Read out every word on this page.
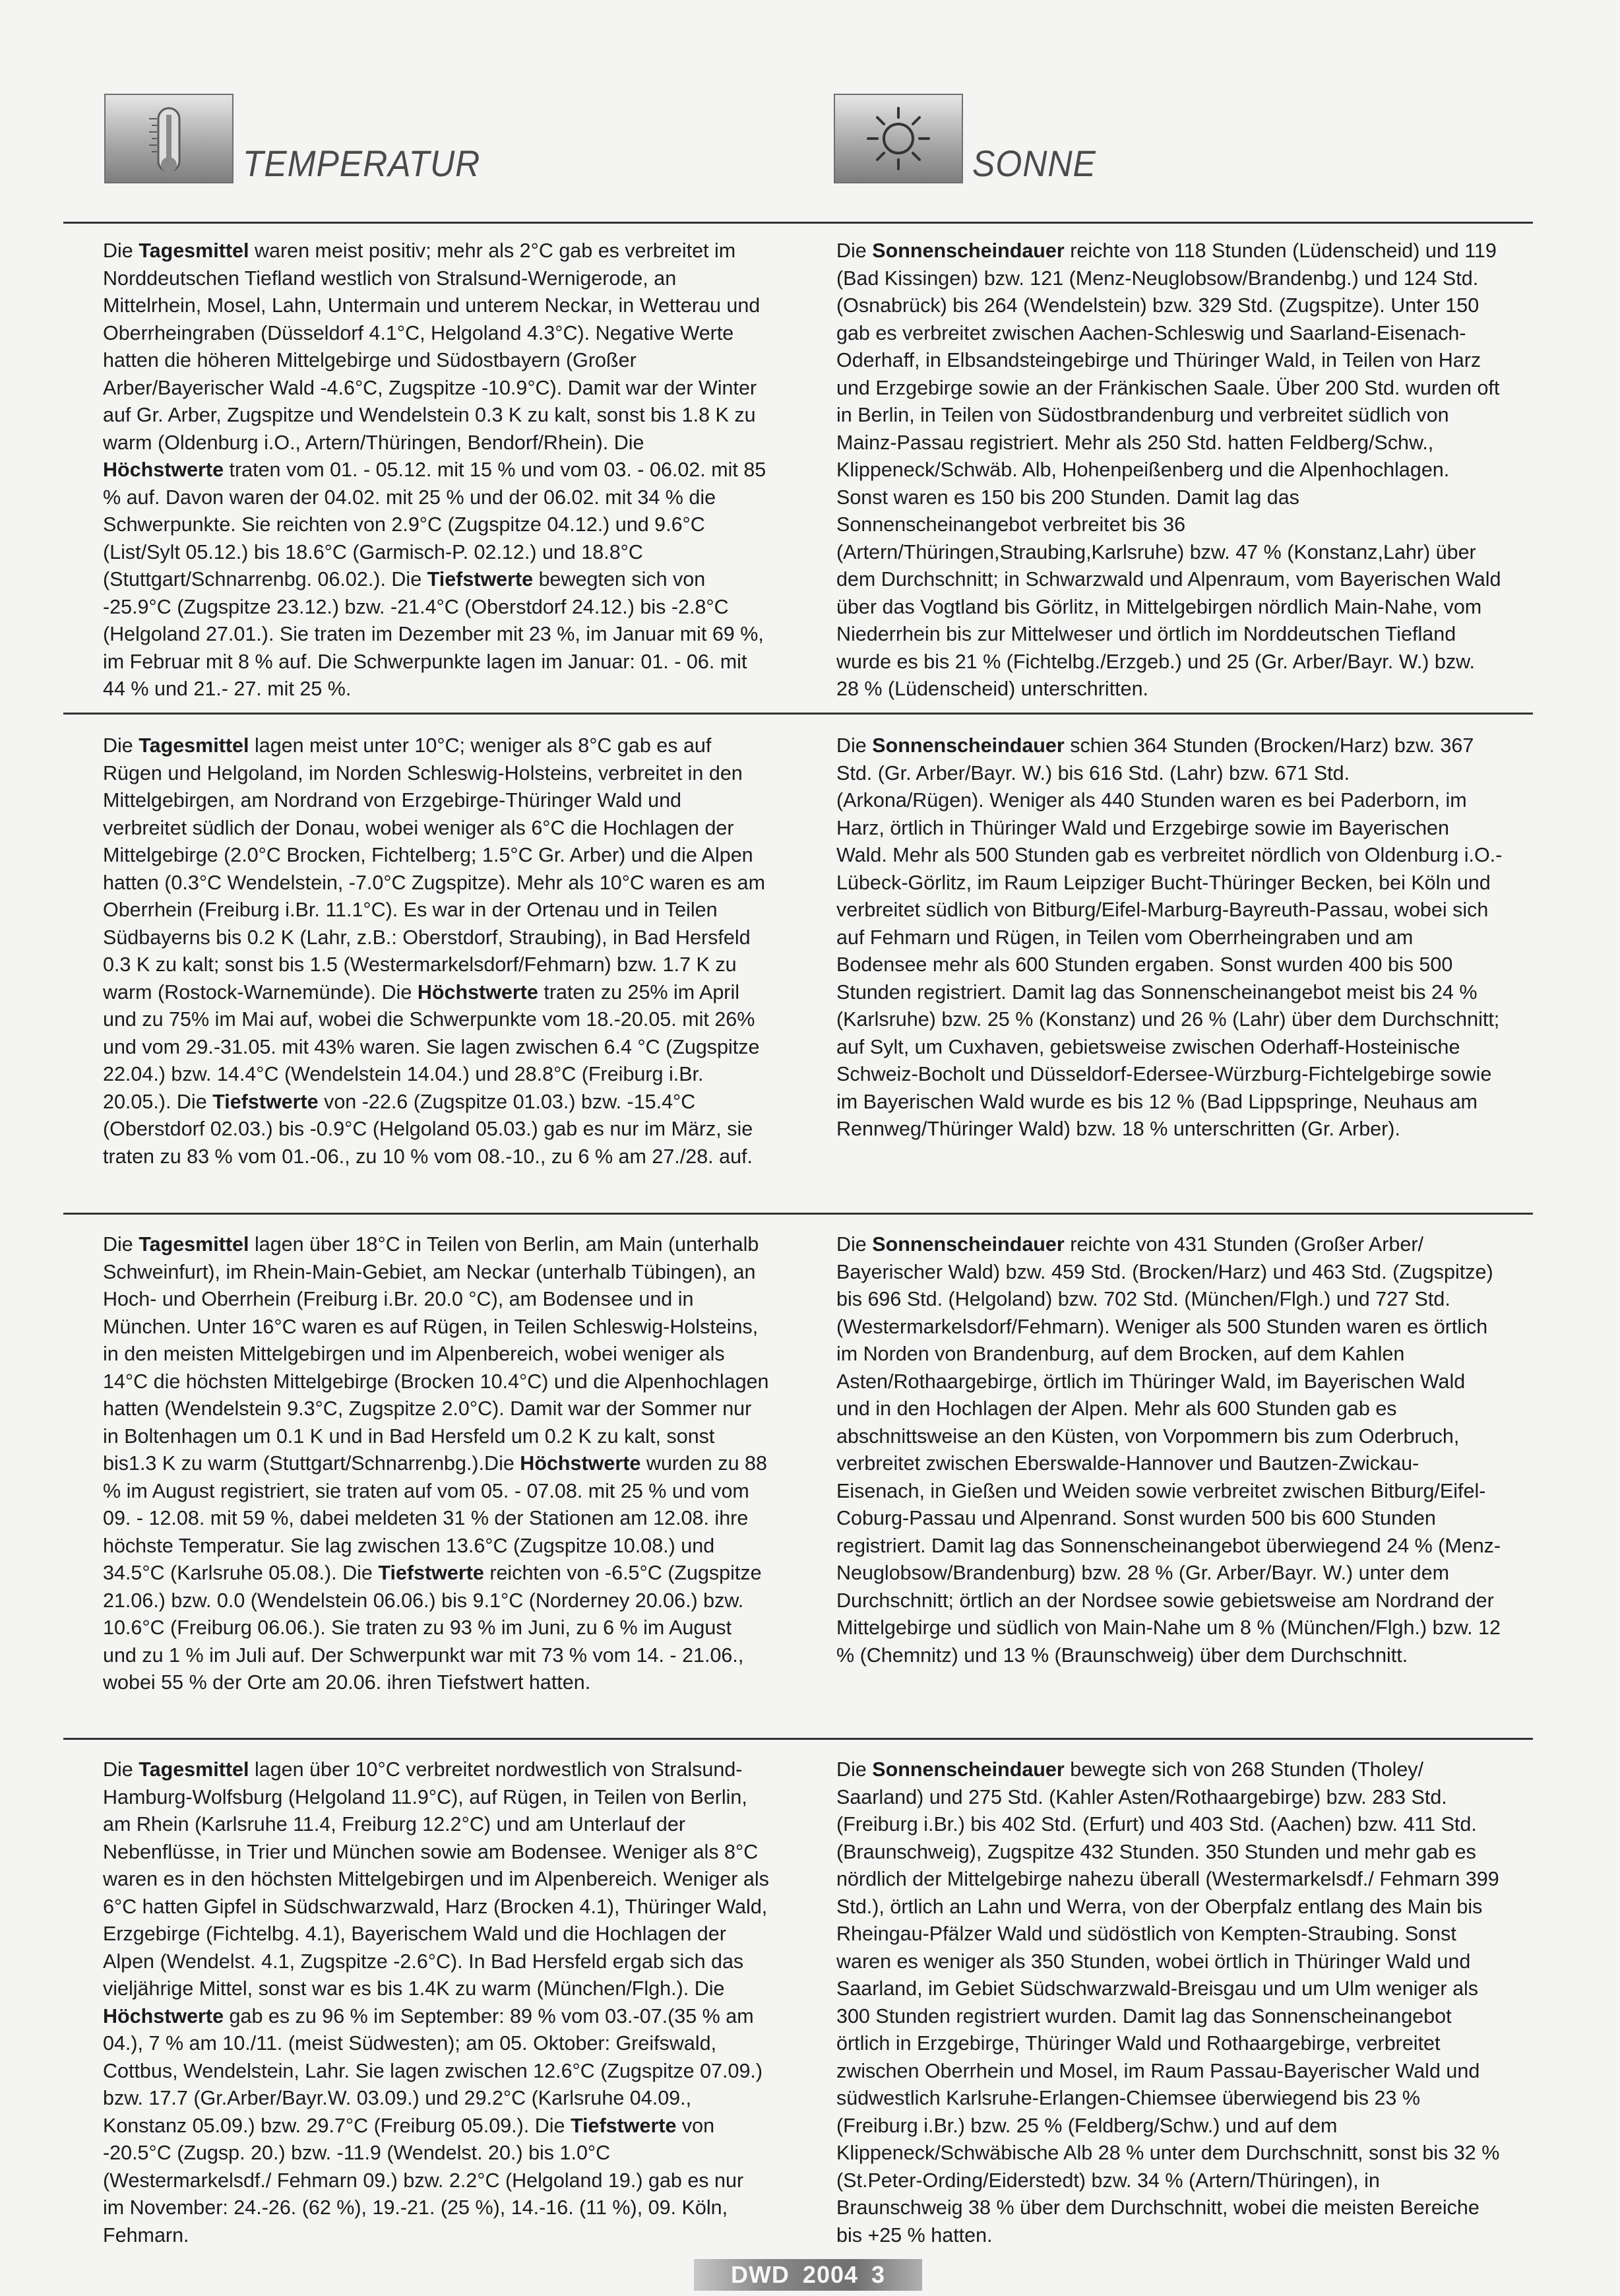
TEMPERATUR	SONNE
Die Tagesmittel waren meist positiv; mehr als 2°C gab es verbreitet im Norddeutschen Tiefland westlich von Stralsund-Wernigerode, an Mittelrhein, Mosel, Lahn, Untermain und unterem Neckar, in Wetterau und Oberrheingraben (Düsseldorf 4.1°C, Helgoland 4.3°C). Negative Werte hatten die höheren Mittelgebirge und Südostbayern (Großer Arber/Bayerischer Wald -4.6°C, Zugspitze -10.9°C). Damit war der Winter auf Gr. Arber, Zugspitze und Wendelstein 0.3 K zu kalt, sonst bis 1.8 K zu warm (Oldenburg i.O., Artern/Thüringen, Bendorf/Rhein). Die Höchstwerte traten vom 01. - 05.12. mit 15 % und vom 03. - 06.02. mit 85 % auf. Davon waren der 04.02. mit 25 % und der 06.02. mit 34 % die Schwerpunkte. Sie reichten von 2.9°C (Zugspitze 04.12.) und 9.6°C (List/Sylt 05.12.) bis 18.6°C (Garmisch-P. 02.12.) und 18.8°C (Stuttgart/Schnarrenbg. 06.02.). Die Tiefstwerte bewegten sich von -25.9°C (Zugspitze 23.12.) bzw. -21.4°C (Oberstdorf 24.12.) bis -2.8°C (Helgoland 27.01.). Sie traten im Dezember mit 23 %, im Januar mit 69 %, im Februar mit 8 % auf. Die Schwerpunkte lagen im Januar: 01. - 06. mit 44 % und 21.- 27. mit 25 %.
Die Tagesmittel lagen meist unter 10°C; weniger als 8°C gab es auf Rügen und Helgoland, im Norden Schleswig-Holsteins, verbreitet in den Mittelgebirgen, am Nordrand von Erzgebirge-Thüringer Wald und verbreitet südlich der Donau, wobei weniger als 6°C die Hochlagen der Mittelgebirge (2.0°C Brocken, Fichtelberg; 1.5°C Gr. Arber) und die Alpen hatten (0.3°C Wendelstein, -7.0°C Zugspitze). Mehr als 10°C waren es am Oberrhein (Freiburg i.Br. 11.1°C). Es war in der Ortenau und in Teilen Südbayerns bis 0.2 K (Lahr, z.B.: Oberstdorf, Straubing), in Bad Hersfeld 0.3 K zu kalt; sonst bis 1.5 (Westermarkelsdorf/Fehmarn) bzw. 1.7 K zu warm (Rostock-Warnemünde). Die Höchstwerte traten zu 25% im April und zu 75% im Mai auf, wobei die Schwerpunkte vom 18.-20.05. mit 26% und vom 29.-31.05. mit 43% waren. Sie lagen zwischen 6.4 °C (Zugspitze 22.04.) bzw. 14.4°C (Wendelstein 14.04.) und 28.8°C (Freiburg i.Br. 20.05.). Die Tiefstwerte von -22.6 (Zugspitze 01.03.) bzw. -15.4°C (Oberstdorf 02.03.) bis -0.9°C (Helgoland 05.03.) gab es nur im März, sie traten zu 83 % vom 01.-06., zu 10 % vom 08.-10., zu 6 % am 27./28. auf.
Die Tagesmittel lagen über 18°C in Teilen von Berlin, am Main (unterhalb Schweinfurt), im Rhein-Main-Gebiet, am Neckar (unterhalb Tübingen), an Hoch- und Oberrhein (Freiburg i.Br. 20.0 °C), am Bodensee und in München. Unter 16°C waren es auf Rügen, in Teilen Schleswig-Holsteins, in den meisten Mittelgebirgen und im Alpenbereich, wobei weniger als 14°C die höchsten Mittelgebirge (Brocken 10.4°C) und die Alpenhochlagen hatten (Wendelstein 9.3°C, Zugspitze 2.0°C). Damit war der Sommer nur in Boltenhagen um 0.1 K und in Bad Hersfeld um 0.2 K zu kalt, sonst bis1.3 K zu warm (Stuttgart/Schnarrenbg.).Die Höchstwerte wurden zu 88 % im August registriert, sie traten auf vom 05. - 07.08. mit 25 % und vom 09. - 12.08. mit 59 %, dabei meldeten 31 % der Stationen am 12.08. ihre höchste Temperatur. Sie lag zwischen 13.6°C (Zugspitze 10.08.) und 34.5°C (Karlsruhe 05.08.). Die Tiefstwerte reichten von -6.5°C (Zugspitze 21.06.) bzw. 0.0 (Wendelstein 06.06.) bis 9.1°C (Norderney 20.06.) bzw. 10.6°C (Freiburg 06.06.). Sie traten zu 93 % im Juni, zu 6 % im August und zu 1 % im Juli auf. Der Schwerpunkt war mit 73 % vom 14. - 21.06., wobei 55 % der Orte am 20.06. ihren Tiefstwert hatten.
Die Tagesmittel lagen über 10°C verbreitet nordwestlich von Stralsund-Hamburg-Wolfsburg (Helgoland 11.9°C), auf Rügen, in Teilen von Berlin, am Rhein (Karlsruhe 11.4, Freiburg 12.2°C) und am Unterlauf der Nebenflüsse, in Trier und München sowie am Bodensee. Weniger als 8°C waren es in den höchsten Mittelgebirgen und im Alpenbereich. Weniger als 6°C hatten Gipfel in Südschwarzwald, Harz (Brocken 4.1), Thüringer Wald, Erzgebirge (Fichtelbg. 4.1), Bayerischem Wald und die Hochlagen der Alpen (Wendelst. 4.1, Zugspitze -2.6°C). In Bad Hersfeld ergab sich das vieljährige Mittel, sonst war es bis 1.4K zu warm (München/Flgh.). Die Höchstwerte gab es zu 96 % im September: 89 % vom 03.-07.(35 % am 04.), 7 % am 10./11. (meist Südwesten); am 05. Oktober: Greifswald, Cottbus, Wendelstein, Lahr. Sie lagen zwischen 12.6°C (Zugspitze 07.09.) bzw. 17.7 (Gr.Arber/Bayr.W. 03.09.) und 29.2°C (Karlsruhe 04.09., Konstanz 05.09.) bzw. 29.7°C (Freiburg 05.09.). Die Tiefstwerte von -20.5°C (Zugsp. 20.) bzw. -11.9 (Wendelst. 20.) bis 1.0°C (Westermarkelsdf./ Fehmarn 09.) bzw. 2.2°C (Helgoland 19.) gab es nur im November: 24.-26. (62 %), 19.-21. (25 %), 14.-16. (11 %), 09. Köln, Fehmarn.
Die Sonnenscheindauer reichte von 118 Stunden (Lüdenscheid) und 119 (Bad Kissingen) bzw. 121 (Menz-Neuglobsow/Brandenbg.) und 124 Std.(Osnabrück) bis 264 (Wendelstein) bzw. 329 Std. (Zugspitze). Unter 150 gab es verbreitet zwischen Aachen-Schleswig und Saarland-Eisenach-Oderhaff, in Elbsandsteingebirge und Thüringer Wald, in Teilen von Harz und Erzgebirge sowie an der Fränkischen Saale. Über 200 Std. wurden oft in Berlin, in Teilen von Südostbrandenburg und verbreitet südlich von Mainz-Passau registriert. Mehr als 250 Std. hatten Feldberg/Schw., Klippeneck/Schwäb. Alb, Hohenpeißenberg und die Alpenhochlagen. Sonst waren es 150 bis 200 Stunden. Damit lag das Sonnenscheinangebot verbreitet bis 36 (Artern/Thüringen,Straubing,Karlsruhe) bzw. 47 % (Konstanz,Lahr) über dem Durchschnitt; in Schwarzwald und Alpenraum, vom Bayerischen Wald über das Vogtland bis Görlitz, in Mittelgebirgen nördlich Main-Nahe, vom Niederrhein bis zur Mittelweser und örtlich im Norddeutschen Tiefland wurde es bis 21 % (Fichtelbg./Erzgeb.) und 25 (Gr. Arber/Bayr. W.) bzw. 28 % (Lüdenscheid) unterschritten.
Die Sonnenscheindauer schien 364 Stunden (Brocken/Harz) bzw. 367 Std. (Gr. Arber/Bayr. W.) bis 616 Std. (Lahr) bzw. 671 Std. (Arkona/Rügen). Weniger als 440 Stunden waren es bei Paderborn, im Harz, örtlich in Thüringer Wald und Erzgebirge sowie im Bayerischen Wald. Mehr als 500 Stunden gab es verbreitet nördlich von Oldenburg i.O.-Lübeck-Görlitz, im Raum Leipziger Bucht-Thüringer Becken, bei Köln und verbreitet südlich von Bitburg/Eifel-Marburg-Bayreuth-Passau, wobei sich auf Fehmarn und Rügen, in Teilen vom Oberrheingraben und am Bodensee mehr als 600 Stunden ergaben. Sonst wurden 400 bis 500 Stunden registriert. Damit lag das Sonnenscheinangebot meist bis 24 % (Karlsruhe) bzw. 25 % (Konstanz) und 26 % (Lahr) über dem Durchschnitt; auf Sylt, um Cuxhaven, gebietsweise zwischen Oderhaff-Hosteinische Schweiz-Bocholt und Düsseldorf-Edersee-Würzburg-Fichtelgebirge sowie im Bayerischen Wald wurde es bis 12 % (Bad Lippspringe, Neuhaus am Rennweg/Thüringer Wald) bzw. 18 % unterschritten (Gr. Arber).
Die Sonnenscheindauer reichte von 431 Stunden (Großer Arber/ Bayerischer Wald) bzw. 459 Std. (Brocken/Harz) und 463 Std. (Zugspitze) bis 696 Std. (Helgoland) bzw. 702 Std. (München/Flgh.) und 727 Std. (Westermarkelsdorf/Fehmarn). Weniger als 500 Stunden waren es örtlich im Norden von Brandenburg, auf dem Brocken, auf dem Kahlen Asten/Rothaargebirge, örtlich im Thüringer Wald, im Bayerischen Wald und in den Hochlagen der Alpen. Mehr als 600 Stunden gab es abschnittsweise an den Küsten, von Vorpommern bis zum Oderbruch, verbreitet zwischen Eberswalde-Hannover und Bautzen-Zwickau-Eisenach, in Gießen und Weiden sowie verbreitet zwischen Bitburg/Eifel-Coburg-Passau und Alpenrand. Sonst wurden 500 bis 600 Stunden registriert. Damit lag das Sonnenscheinangebot überwiegend 24 % (Menz-Neuglobsow/Brandenburg) bzw. 28 % (Gr. Arber/Bayr. W.) unter dem Durchschnitt; örtlich an der Nordsee sowie gebietsweise am Nordrand der Mittelgebirge und südlich von Main-Nahe um 8 % (München/Flgh.) bzw. 12 % (Chemnitz) und 13 % (Braunschweig) über dem Durchschnitt.
Die Sonnenscheindauer bewegte sich von 268 Stunden (Tholey/ Saarland) und 275 Std. (Kahler Asten/Rothaargebirge) bzw. 283 Std. (Freiburg i.Br.) bis 402 Std. (Erfurt) und 403 Std. (Aachen) bzw. 411 Std. (Braunschweig), Zugspitze 432 Stunden. 350 Stunden und mehr gab es nördlich der Mittelgebirge nahezu überall (Westermarkelsdf./ Fehmarn 399 Std.), örtlich an Lahn und Werra, von der Oberpfalz entlang des Main bis Rheingau-Pfälzer Wald und südöstlich von Kempten-Straubing. Sonst waren es weniger als 350 Stunden, wobei örtlich in Thüringer Wald und Saarland, im Gebiet Südschwarzwald-Breisgau und um Ulm weniger als 300 Stunden registriert wurden. Damit lag das Sonnenscheinangebot örtlich in Erzgebirge, Thüringer Wald und Rothaargebirge, verbreitet zwischen Oberrhein und Mosel, im Raum Passau-Bayerischer Wald und südwestlich Karlsruhe-Erlangen-Chiemsee überwiegend bis 23 % (Freiburg i.Br.) bzw. 25 % (Feldberg/Schw.) und auf dem Klippeneck/Schwäbische Alb 28 % unter dem Durchschnitt, sonst bis 32 % (St.Peter-Ording/Eiderstedt) bzw. 34 % (Artern/Thüringen), in Braunschweig 38 % über dem Durchschnitt, wobei die meisten Bereiche bis +25 % hatten.
DWD 2004 3
